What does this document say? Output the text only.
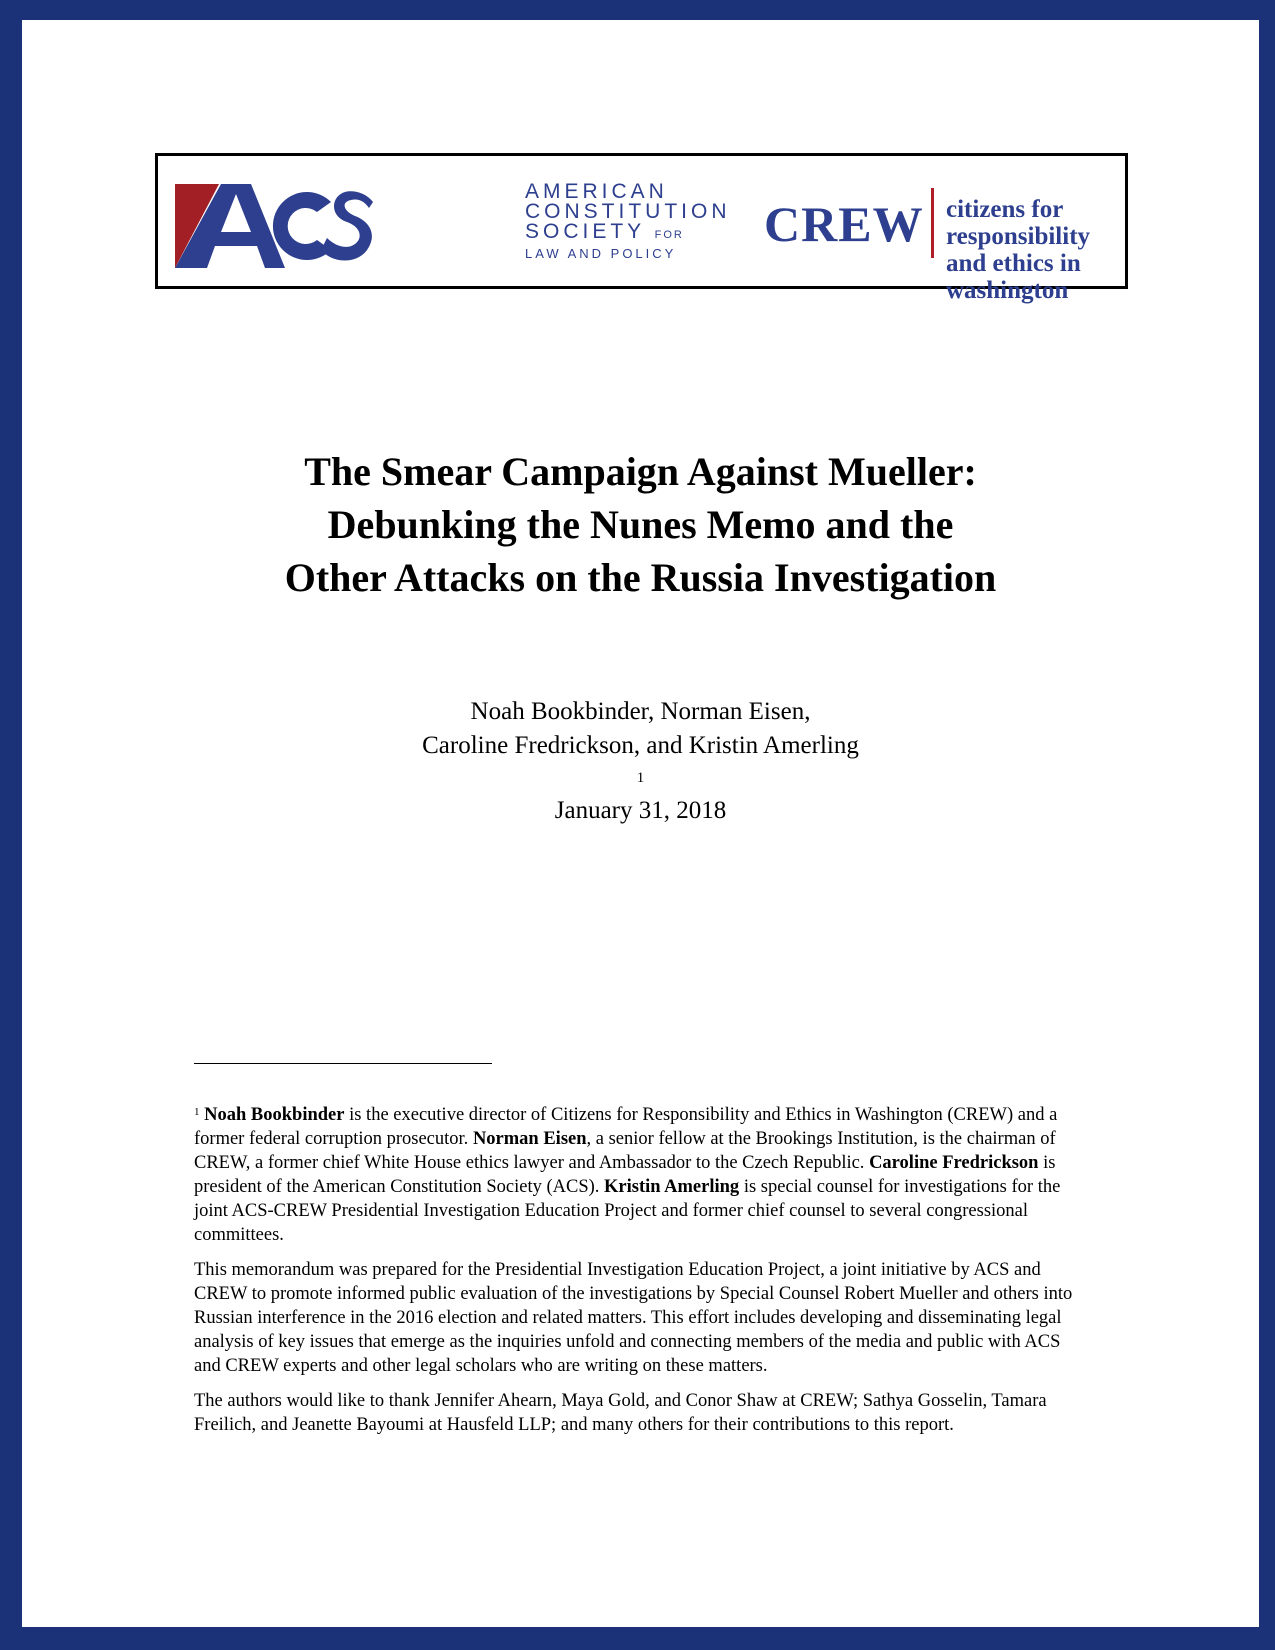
AMERICAN
CONSTITUTION
SOCIETY FOR
LAW AND POLICY
CREW citizens for responsibility
and ethics in washington
The Smear Campaign Against Mueller:
Debunking the Nunes Memo and the
Other Attacks on the Russia Investigation
Noah Bookbinder, Norman Eisen,
Caroline Fredrickson, and Kristin Amerling
$^1$
January 31, 2018

$^1$ Noah Bookbinder is the executive director of Citizens for Responsibility and Ethics in Washington (CREW) and a former federal corruption prosecutor. Norman Eisen, a senior fellow at the Brookings Institution, is the chairman of CREW, a former chief White House ethics lawyer and Ambassador to the Czech Republic. Caroline Fredrickson is president of the American Constitution Society (ACS). Kristin Amerling is special counsel for investigations for the joint ACS-CREW Presidential Investigation Education Project and former chief counsel to several congressional committees.

This memorandum was prepared for the Presidential Investigation Education Project, a joint initiative by ACS and CREW to promote informed public evaluation of the investigations by Special Counsel Robert Mueller and others into Russian interference in the 2016 election and related matters. This effort includes developing and disseminating legal analysis of key issues that emerge as the inquiries unfold and connecting members of the media and public with ACS and CREW experts and other legal scholars who are writing on these matters.

The authors would like to thank Jennifer Ahearn, Maya Gold, and Conor Shaw at CREW; Sathya Gosselin, Tamara Freilich, and Jeanette Bayoumi at Hausfeld LLP; and many others for their contributions to this report.
